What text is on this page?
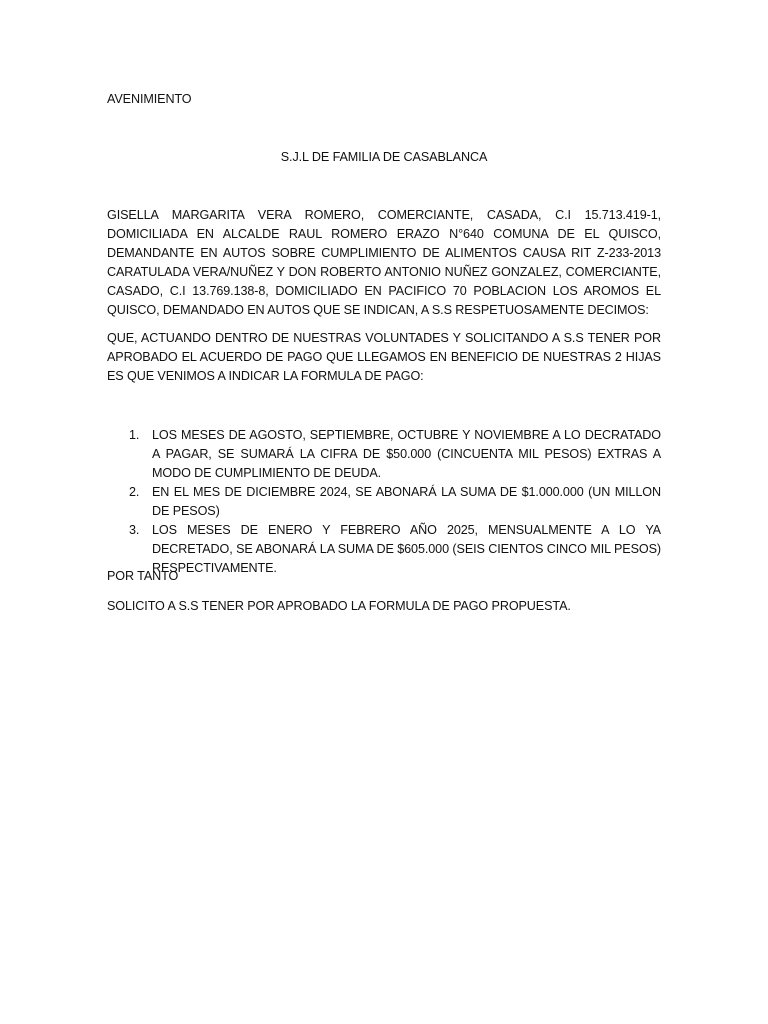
AVENIMIENTO
S.J.L DE FAMILIA DE CASABLANCA
GISELLA MARGARITA VERA ROMERO, COMERCIANTE, CASADA, C.I 15.713.419-1, DOMICILIADA EN ALCALDE RAUL ROMERO ERAZO N°640 COMUNA DE EL QUISCO, DEMANDANTE EN AUTOS SOBRE CUMPLIMIENTO DE ALIMENTOS CAUSA RIT Z-233-2013 CARATULADA VERA/NUÑEZ Y DON ROBERTO ANTONIO NUÑEZ GONZALEZ, COMERCIANTE, CASADO, C.I 13.769.138-8, DOMICILIADO EN PACIFICO 70 POBLACION LOS AROMOS EL QUISCO, DEMANDADO EN AUTOS QUE SE INDICAN, A S.S RESPETUOSAMENTE DECIMOS:
QUE, ACTUANDO DENTRO DE NUESTRAS VOLUNTADES Y SOLICITANDO A S.S TENER POR APROBADO EL ACUERDO DE PAGO QUE LLEGAMOS EN BENEFICIO DE NUESTRAS 2 HIJAS ES QUE VENIMOS A INDICAR LA FORMULA DE PAGO:
1. LOS MESES DE AGOSTO, SEPTIEMBRE, OCTUBRE Y NOVIEMBRE A LO DECRATADO A PAGAR, SE SUMARÁ LA CIFRA DE $50.000 (CINCUENTA MIL PESOS) EXTRAS A MODO DE CUMPLIMIENTO DE DEUDA.
2. EN EL MES DE DICIEMBRE 2024, SE ABONARÁ LA SUMA DE $1.000.000 (UN MILLON DE PESOS)
3. LOS MESES DE ENERO Y FEBRERO AÑO 2025, MENSUALMENTE A LO YA DECRETADO, SE ABONARÁ LA SUMA DE $605.000 (SEIS CIENTOS CINCO MIL PESOS) RESPECTIVAMENTE.
POR TANTO
SOLICITO A S.S TENER POR APROBADO LA FORMULA DE PAGO PROPUESTA.
